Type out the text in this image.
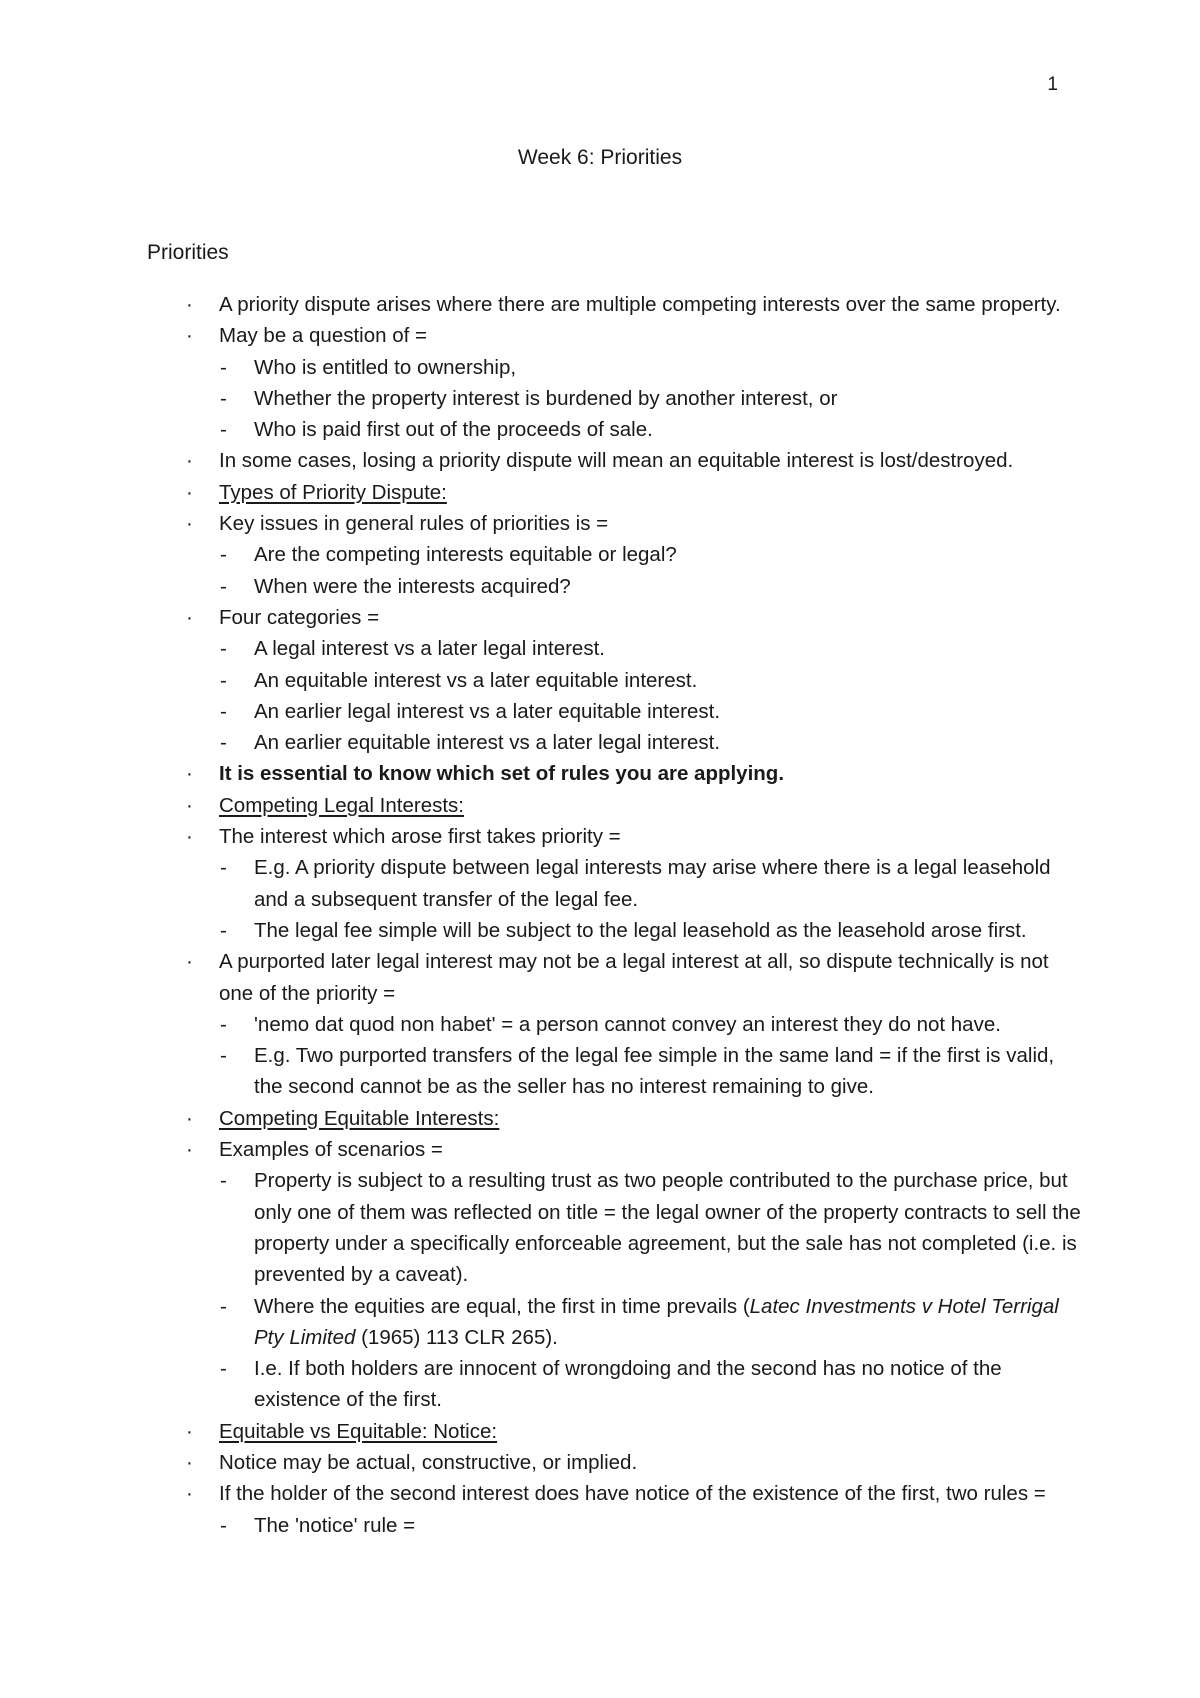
1
Week 6: Priorities
Priorities
· A priority dispute arises where there are multiple competing interests over the same property.
· May be a question of =
- Who is entitled to ownership,
- Whether the property interest is burdened by another interest, or
- Who is paid first out of the proceeds of sale.
· In some cases, losing a priority dispute will mean an equitable interest is lost/destroyed.
· Types of Priority Dispute:
· Key issues in general rules of priorities is =
- Are the competing interests equitable or legal?
- When were the interests acquired?
· Four categories =
- A legal interest vs a later legal interest.
- An equitable interest vs a later equitable interest.
- An earlier legal interest vs a later equitable interest.
- An earlier equitable interest vs a later legal interest.
· It is essential to know which set of rules you are applying.
· Competing Legal Interests:
· The interest which arose first takes priority =
- E.g. A priority dispute between legal interests may arise where there is a legal leasehold
and a subsequent transfer of the legal fee.
- The legal fee simple will be subject to the legal leasehold as the leasehold arose first.
· A purported later legal interest may not be a legal interest at all, so dispute technically is not
one of the priority =
- 'nemo dat quod non habet' = a person cannot convey an interest they do not have.
- E.g. Two purported transfers of the legal fee simple in the same land = if the first is valid,
the second cannot be as the seller has no interest remaining to give.
· Competing Equitable Interests:
· Examples of scenarios =
- Property is subject to a resulting trust as two people contributed to the purchase price, but
only one of them was reflected on title = the legal owner of the property contracts to sell the
property under a specifically enforceable agreement, but the sale has not completed (i.e. is
prevented by a caveat).
- Where the equities are equal, the first in time prevails (Latec Investments v Hotel Terrigal
Pty Limited (1965) 113 CLR 265).
- I.e. If both holders are innocent of wrongdoing and the second has no notice of the
existence of the first.
· Equitable vs Equitable: Notice:
· Notice may be actual, constructive, or implied.
· If the holder of the second interest does have notice of the existence of the first, two rules =
- The 'notice' rule =
